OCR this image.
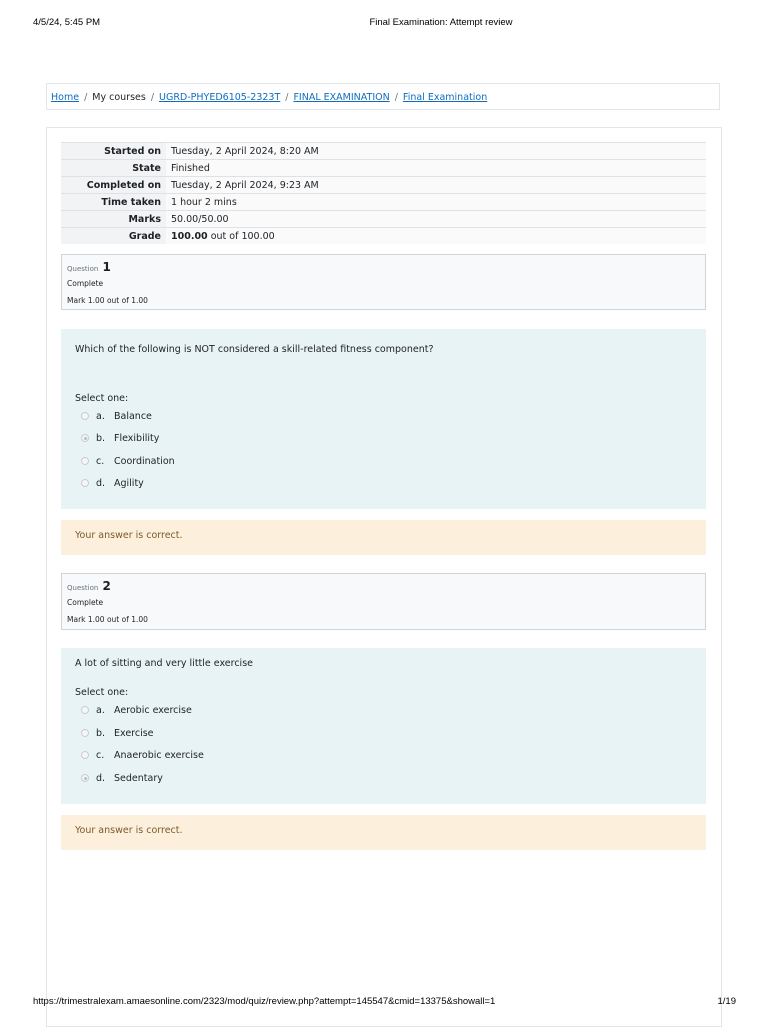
4/5/24, 5:45 PM	Final Examination: Attempt review
Home / My courses / UGRD-PHYED6105-2323T / FINAL EXAMINATION / Final Examination
Started on	Tuesday, 2 April 2024, 8:20 AM
State	Finished
Completed on	Tuesday, 2 April 2024, 9:23 AM
Time taken	1 hour 2 mins
Marks	50.00/50.00
Grade	100.00 out of 100.00
Question 1
Complete
Mark 1.00 out of 1.00
Which of the following is NOT considered a skill-related fitness component?
Select one:
a. Balance
b. Flexibility
c.	Coordination
d. Agility
Your answer is correct.
Question 2
Complete
Mark 1.00 out of 1.00
A lot of sitting and very little exercise
Select one:
a. Aerobic exercise
b. Exercise
c.	Anaerobic exercise
d. Sedentary
Your answer is correct.
https://trimestralexam.amaesonline.com/2323/mod/quiz/review.php?attempt=145547&cmid=13375&showall=1	1/19
